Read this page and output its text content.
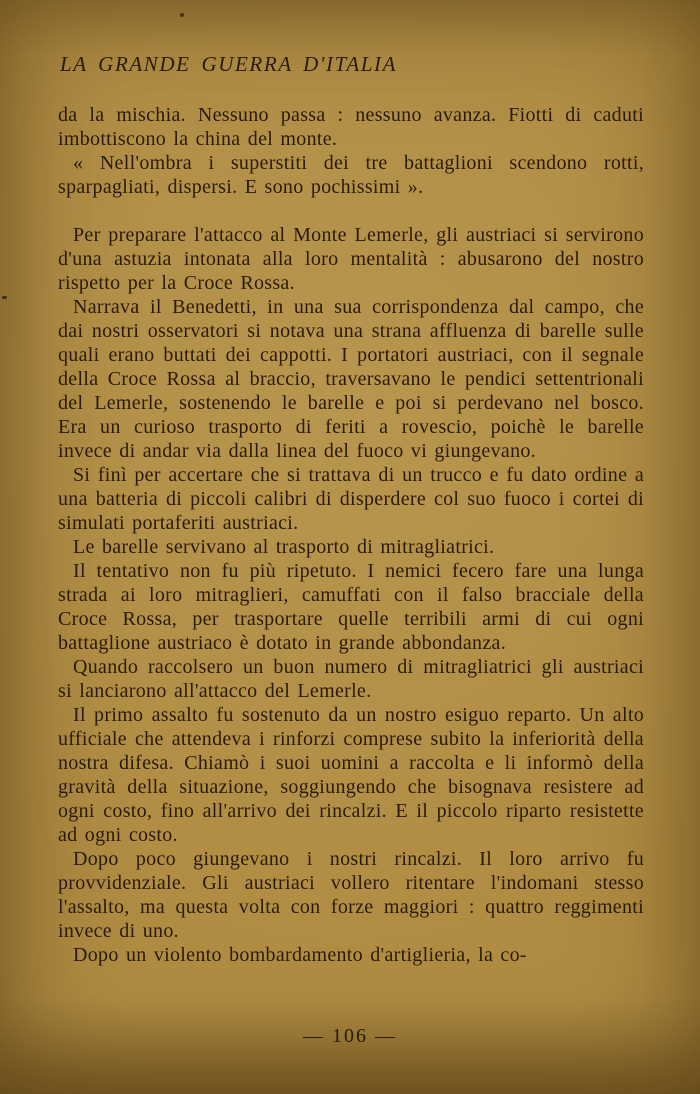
LA GRANDE GUERRA D'ITALIA

da la mischia. Nessuno passa : nessuno avanza. Fiotti di caduti imbottiscono la china del monte.

« Nell'ombra i superstiti dei tre battaglioni scendono rotti, sparpagliati, dispersi. E sono pochissimi ».

Per preparare l'attacco al Monte Lemerle, gli austriaci si servirono d'una astuzia intonata alla loro mentalità : abusarono del nostro rispetto per la Croce Rossa.

Narrava il Benedetti, in una sua corrispondenza dal campo, che dai nostri osservatori si notava una strana affluenza di barelle sulle quali erano buttati dei cappotti. I portatori austriaci, con il segnale della Croce Rossa al braccio, traversavano le pendici settentrionali del Lemerle, sostenendo le barelle e poi si perdevano nel bosco. Era un curioso trasporto di feriti a rovescio, poichè le barelle invece di andar via dalla linea del fuoco vi giungevano.

Si finì per accertare che si trattava di un trucco e fu dato ordine a una batteria di piccoli calibri di disperdere col suo fuoco i cortei di simulati portaferiti austriaci.

Le barelle servivano al trasporto di mitragliatrici.

Il tentativo non fu più ripetuto. I nemici fecero fare una lunga strada ai loro mitraglieri, camuffati con il falso bracciale della Croce Rossa, per trasportare quelle terribili armi di cui ogni battaglione austriaco è dotato in grande abbondanza.

Quando raccolsero un buon numero di mitragliatrici gli austriaci si lanciarono all'attacco del Lemerle.

Il primo assalto fu sostenuto da un nostro esiguo reparto. Un alto ufficiale che attendeva i rinforzi comprese subito la inferiorità della nostra difesa. Chiamò i suoi uomini a raccolta e li informò della gravità della situazione, soggiungendo che bisognava resistere ad ogni costo, fino all'arrivo dei rincalzi. E il piccolo riparto resistette ad ogni costo.

Dopo poco giungevano i nostri rincalzi. Il loro arrivo fu provvidenziale. Gli austriaci vollero ritentare l'indomani stesso l'assalto, ma questa volta con forze maggiori : quattro reggimenti invece di uno.

Dopo un violento bombardamento d'artiglieria, la co-

— 106 —
